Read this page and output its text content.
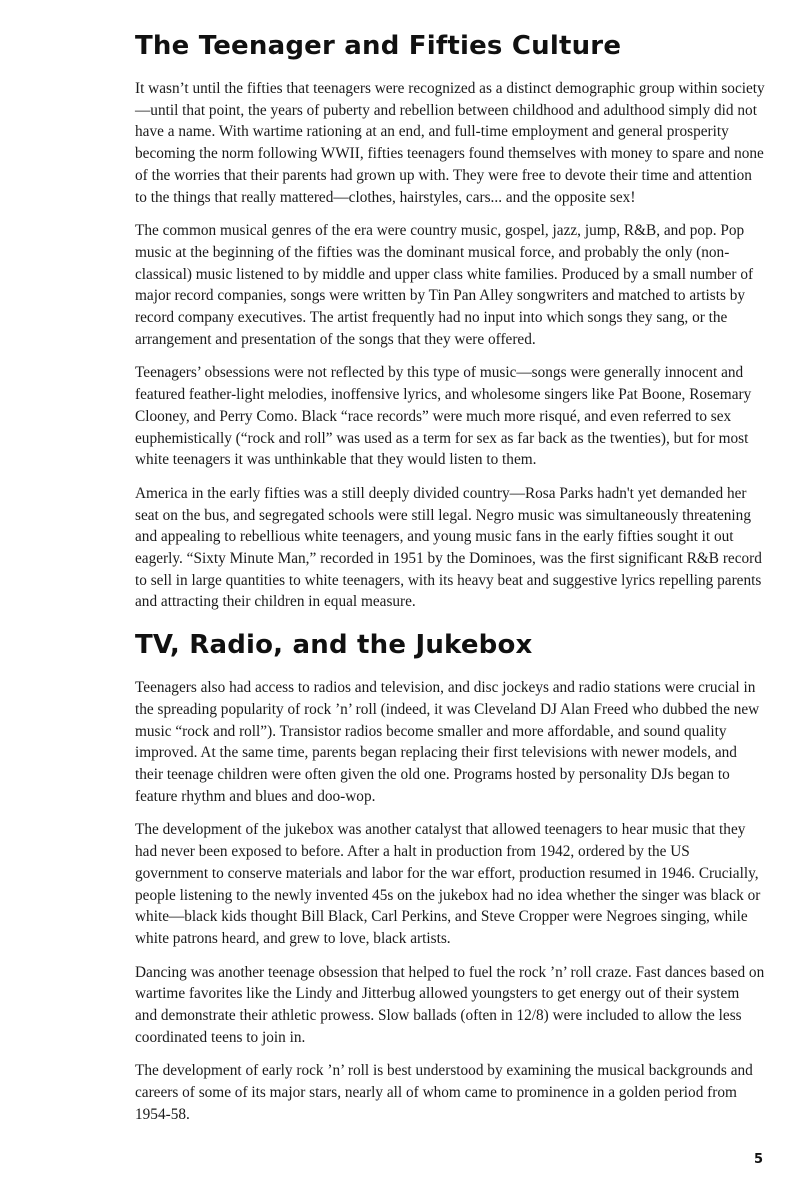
The Teenager and Fifties Culture

It wasn’t until the fifties that teenagers were recognized as a distinct demographic group within society—until that point, the years of puberty and rebellion between childhood and adulthood simply did not have a name. With wartime rationing at an end, and full-time employment and general prosperity becoming the norm following WWII, fifties teenagers found themselves with money to spare and none of the worries that their parents had grown up with. They were free to devote their time and attention to the things that really mattered—clothes, hairstyles, cars... and the opposite sex!

The common musical genres of the era were country music, gospel, jazz, jump, R&B, and pop. Pop music at the beginning of the fifties was the dominant musical force, and probably the only (non-classical) music listened to by middle and upper class white families. Produced by a small number of major record companies, songs were written by Tin Pan Alley songwriters and matched to artists by record company executives. The artist frequently had no input into which songs they sang, or the arrangement and presentation of the songs that they were offered.

Teenagers’ obsessions were not reflected by this type of music—songs were generally innocent and featured feather-light melodies, inoffensive lyrics, and wholesome singers like Pat Boone, Rosemary Clooney, and Perry Como. Black “race records” were much more risqué, and even referred to sex euphemistically (“rock and roll” was used as a term for sex as far back as the twenties), but for most white teenagers it was unthinkable that they would listen to them.

America in the early fifties was a still deeply divided country—Rosa Parks hadn't yet demanded her seat on the bus, and segregated schools were still legal. Negro music was simultaneously threatening and appealing to rebellious white teenagers, and young music fans in the early fifties sought it out eagerly. “Sixty Minute Man,” recorded in 1951 by the Dominoes, was the first significant R&B record to sell in large quantities to white teenagers, with its heavy beat and suggestive lyrics repelling parents and attracting their children in equal measure.

TV, Radio, and the Jukebox

Teenagers also had access to radios and television, and disc jockeys and radio stations were crucial in the spreading popularity of rock ’n’ roll (indeed, it was Cleveland DJ Alan Freed who dubbed the new music “rock and roll”). Transistor radios become smaller and more affordable, and sound quality improved. At the same time, parents began replacing their first televisions with newer models, and their teenage children were often given the old one. Programs hosted by personality DJs began to feature rhythm and blues and doo-wop.

The development of the jukebox was another catalyst that allowed teenagers to hear music that they had never been exposed to before. After a halt in production from 1942, ordered by the US government to conserve materials and labor for the war effort, production resumed in 1946. Crucially, people listening to the newly invented 45s on the jukebox had no idea whether the singer was black or white—black kids thought Bill Black, Carl Perkins, and Steve Cropper were Negroes singing, while white patrons heard, and grew to love, black artists.

Dancing was another teenage obsession that helped to fuel the rock ’n’ roll craze. Fast dances based on wartime favorites like the Lindy and Jitterbug allowed youngsters to get energy out of their system and demonstrate their athletic prowess. Slow ballads (often in 12/8) were included to allow the less coordinated teens to join in.

The development of early rock ’n’ roll is best understood by examining the musical backgrounds and careers of some of its major stars, nearly all of whom came to prominence in a golden period from 1954-58.

5
